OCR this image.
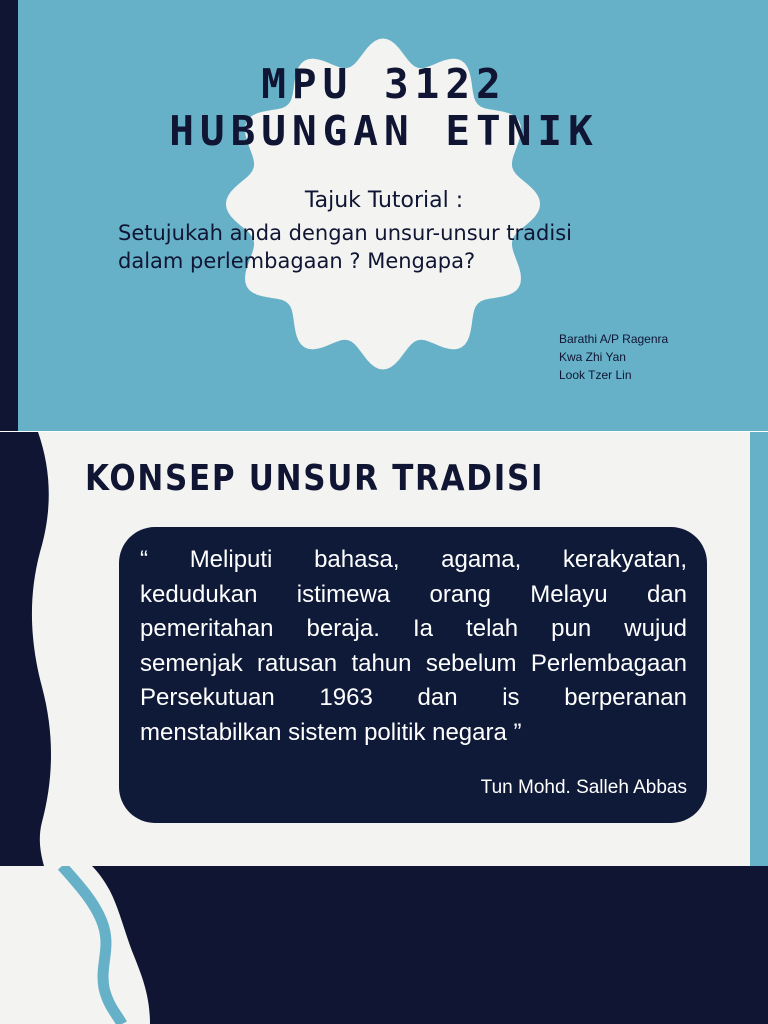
MPU 3122
HUBUNGAN ETNIK
Tajuk Tutorial :
Setujukah anda dengan unsur-unsur tradisi
dalam perlembagaan ? Mengapa?
Barathi A/P Ragenra
Kwa Zhi Yan
Look Tzer Lin
KONSEP UNSUR TRADISI

“ Meliputi bahasa, agama, kerakyatan,
kedudukan istimewa orang Melayu dan
pemeritahan beraja. Ia telah pun wujud
semenjak ratusan tahun sebelum Perlembagaan
Persekutuan 1963 dan is berperanan
menstabilkan sistem politik negara ”

Tun Mohd. Salleh Abbas
